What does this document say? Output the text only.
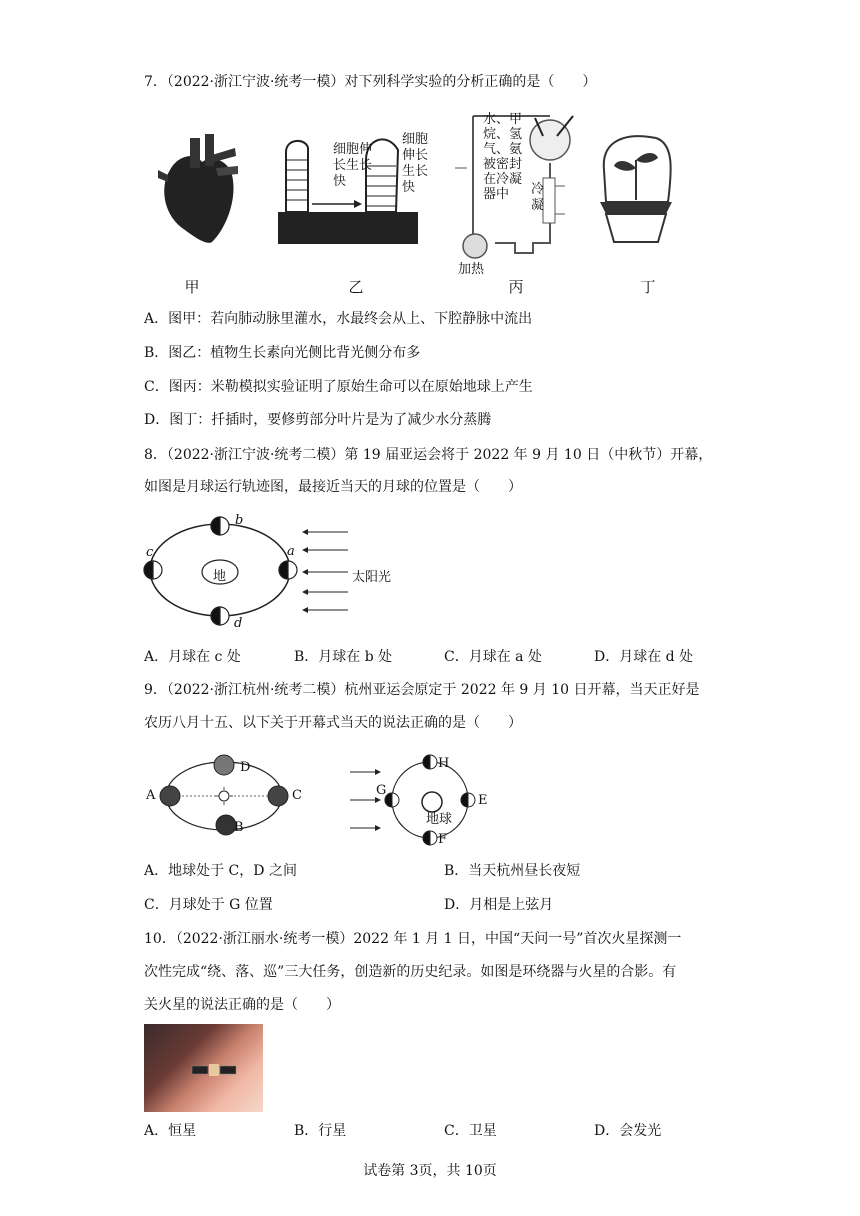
7．（2022·浙江宁波·统考一模）对下列科学实验的分析正确的是（　　）
细胞伸长生长快
细胞伸长生长快
水、甲烷、氢气、氨被密封在冷凝器中	冷凝
加热
甲	乙	丙	丁
A．图甲：若向肺动脉里灌水，水最终会从上、下腔静脉中流出
B．图乙：植物生长素向光侧比背光侧分布多
C．图丙：米勒模拟实验证明了原始生命可以在原始地球上产生
D．图丁：扦插时，要修剪部分叶片是为了减少水分蒸腾
8．（2022·浙江宁波·统考二模）第 19 届亚运会将于 2022 年 9 月 10 日（中秋节）开幕，
如图是月球运行轨迹图，最接近当天的月球的位置是（　　）
地	太阳光
a
b
c
d
A．月球在 c 处	B．月球在 b 处	C．月球在 a 处	D．月球在 d 处
9．（2022·浙江杭州·统考二模）杭州亚运会原定于 2022 年 9 月 10 日开幕，当天正好是
农历八月十五、以下关于开幕式当天的说法正确的是（　　）
A
B
C
D	H
G
E
F
地球
A．地球处于 C，D 之间	B．当天杭州昼长夜短
C．月球处于 G 位置	D．月相是上弦月
10．（2022·浙江丽水·统考一模）2022 年 1 月 1 日，中国“天问一号”首次火星探测一
次性完成“绕、落、巡”三大任务，创造新的历史纪录。如图是环绕器与火星的合影。有
关火星的说法正确的是（　　）
A．恒星	B．行星	C．卫星	D．会发光
试卷第 3页，共 10页
